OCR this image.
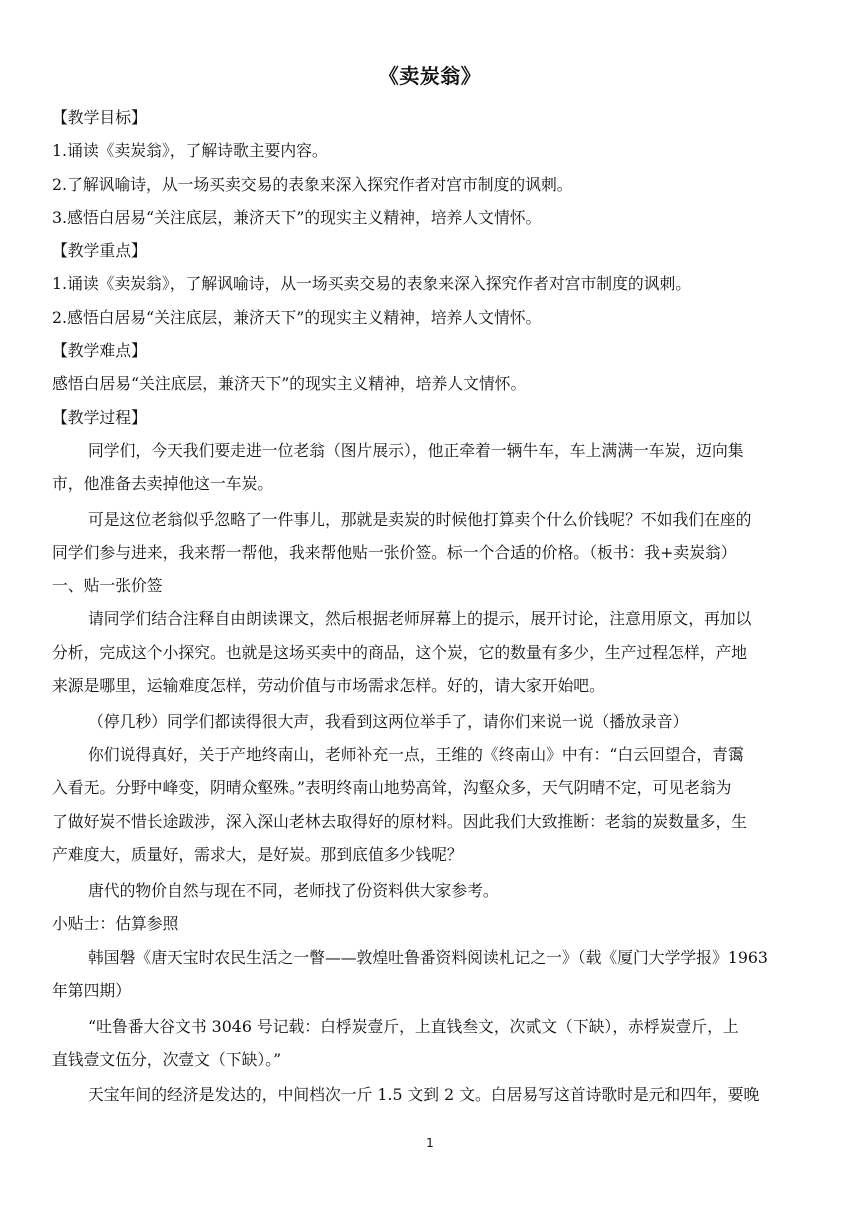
《卖炭翁》
【教学目标】
1.诵读《卖炭翁》，了解诗歌主要内容。
2.了解讽喻诗，从一场买卖交易的表象来深入探究作者对宫市制度的讽刺。
3.感悟白居易“关注底层，兼济天下”的现实主义精神，培养人文情怀。
【教学重点】
1.诵读《卖炭翁》，了解讽喻诗，从一场买卖交易的表象来深入探究作者对宫市制度的讽刺。
2.感悟白居易“关注底层，兼济天下”的现实主义精神，培养人文情怀。
【教学难点】
感悟白居易“关注底层，兼济天下”的现实主义精神，培养人文情怀。
【教学过程】
同学们，今天我们要走进一位老翁（图片展示），他正牵着一辆牛车，车上满满一车炭，迈向集
市，他准备去卖掉他这一车炭。
可是这位老翁似乎忽略了一件事儿，那就是卖炭的时候他打算卖个什么价钱呢？不如我们在座的
同学们参与进来，我来帮一帮他，我来帮他贴一张价签。标一个合适的价格。（板书：我+卖炭翁）
一、贴一张价签
请同学们结合注释自由朗读课文，然后根据老师屏幕上的提示，展开讨论，注意用原文，再加以
分析，完成这个小探究。也就是这场买卖中的商品，这个炭，它的数量有多少，生产过程怎样，产地
来源是哪里，运输难度怎样，劳动价值与市场需求怎样。好的，请大家开始吧。
（停几秒）同学们都读得很大声，我看到这两位举手了，请你们来说一说（播放录音）
你们说得真好，关于产地终南山，老师补充一点，王维的《终南山》中有：“白云回望合，青霭
入看无。分野中峰变，阴晴众壑殊。”表明终南山地势高耸，沟壑众多，天气阴晴不定，可见老翁为
了做好炭不惜长途跋涉，深入深山老林去取得好的原材料。因此我们大致推断：老翁的炭数量多，生
产难度大，质量好，需求大，是好炭。那到底值多少钱呢？
唐代的物价自然与现在不同，老师找了份资料供大家参考。
小贴士：估算参照
韩国磐《唐天宝时农民生活之一瞥——敦煌吐鲁番资料阅读札记之一》（载《厦门大学学报》1963
年第四期）
“吐鲁番大谷文书 3046 号记载：白桴炭壹斤，上直钱叁文，次贰文（下缺），赤桴炭壹斤，上
直钱壹文伍分，次壹文（下缺）。”
天宝年间的经济是发达的，中间档次一斤 1.5 文到 2 文。白居易写这首诗歌时是元和四年，要晚
1
